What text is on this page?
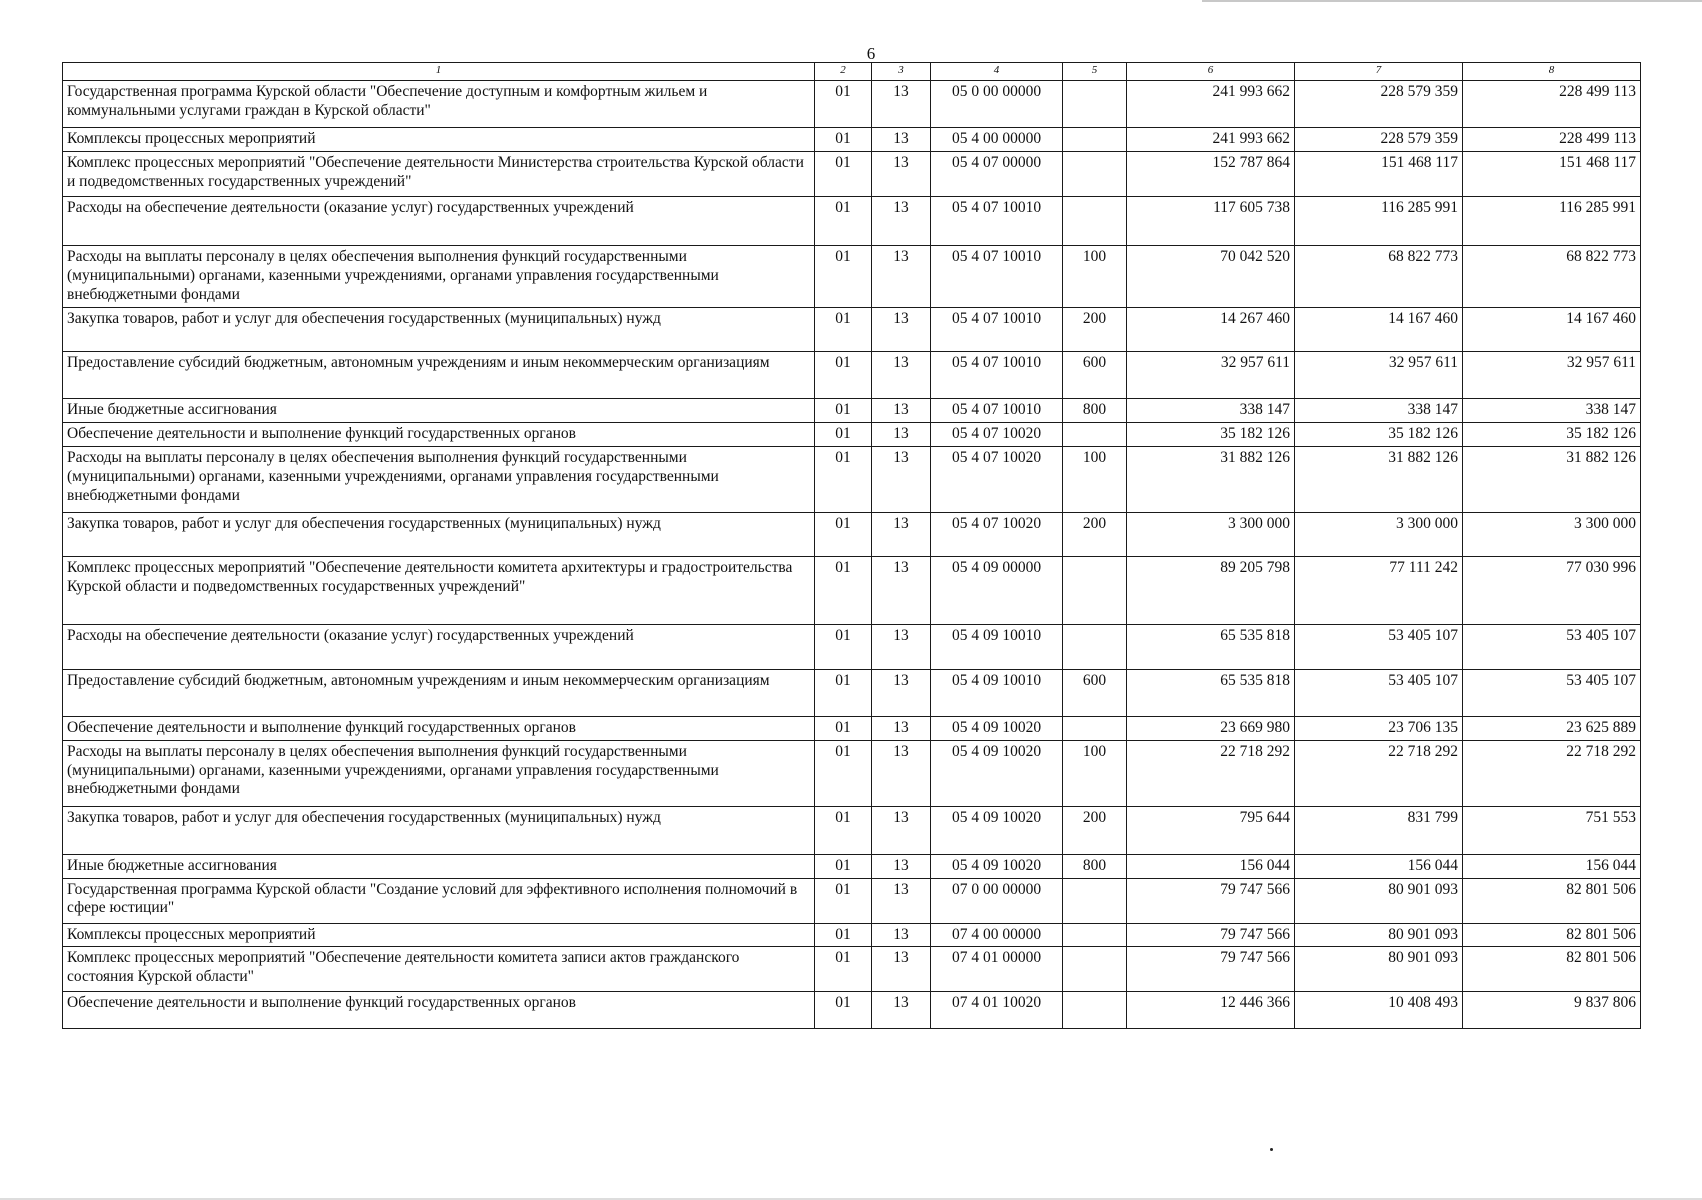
6
1	2	3	4	5	6	7	8
Государственная программа Курской области "Обеспечение доступным и комфортным жильем и коммунальными услугами граждан в Курской области"	01	13	05 0 00 00000		241 993 662	228 579 359	228 499 113
Комплексы процессных мероприятий	01	13	05 4 00 00000		241 993 662	228 579 359	228 499 113
Комплекс процессных мероприятий "Обеспечение деятельности Министерства строительства Курской области и подведомственных государственных учреждений"	01	13	05 4 07 00000		152 787 864	151 468 117	151 468 117
Расходы на обеспечение деятельности (оказание услуг) государственных учреждений	01	13	05 4 07 10010		117 605 738	116 285 991	116 285 991
Расходы на выплаты персоналу в целях обеспечения выполнения функций государственными (муниципальными) органами, казенными учреждениями, органами управления государственными внебюджетными фондами	01	13	05 4 07 10010	100	70 042 520	68 822 773	68 822 773
Закупка товаров, работ и услуг для обеспечения государственных (муниципальных) нужд	01	13	05 4 07 10010	200	14 267 460	14 167 460	14 167 460
Предоставление субсидий бюджетным, автономным учреждениям и иным некоммерческим организациям	01	13	05 4 07 10010	600	32 957 611	32 957 611	32 957 611
Иные бюджетные ассигнования	01	13	05 4 07 10010	800	338 147	338 147	338 147
Обеспечение деятельности и выполнение функций государственных органов	01	13	05 4 07 10020		35 182 126	35 182 126	35 182 126
Расходы на выплаты персоналу в целях обеспечения выполнения функций государственными (муниципальными) органами, казенными учреждениями, органами управления государственными внебюджетными фондами	01	13	05 4 07 10020	100	31 882 126	31 882 126	31 882 126
Закупка товаров, работ и услуг для обеспечения государственных (муниципальных) нужд	01	13	05 4 07 10020	200	3 300 000	3 300 000	3 300 000
Комплекс процессных мероприятий "Обеспечение деятельности комитета архитектуры и градостроительства Курской области и подведомственных государственных учреждений"	01	13	05 4 09 00000		89 205 798	77 111 242	77 030 996
Расходы на обеспечение деятельности (оказание услуг) государственных учреждений	01	13	05 4 09 10010		65 535 818	53 405 107	53 405 107
Предоставление субсидий бюджетным, автономным учреждениям и иным некоммерческим организациям	01	13	05 4 09 10010	600	65 535 818	53 405 107	53 405 107
Обеспечение деятельности и выполнение функций государственных органов	01	13	05 4 09 10020		23 669 980	23 706 135	23 625 889
Расходы на выплаты персоналу в целях обеспечения выполнения функций государственными (муниципальными) органами, казенными учреждениями, органами управления государственными внебюджетными фондами	01	13	05 4 09 10020	100	22 718 292	22 718 292	22 718 292
Закупка товаров, работ и услуг для обеспечения государственных (муниципальных) нужд	01	13	05 4 09 10020	200	795 644	831 799	751 553
Иные бюджетные ассигнования	01	13	05 4 09 10020	800	156 044	156 044	156 044
Государственная программа Курской области "Создание условий для эффективного исполнения полномочий в сфере юстиции"	01	13	07 0 00 00000		79 747 566	80 901 093	82 801 506
Комплексы процессных мероприятий	01	13	07 4 00 00000		79 747 566	80 901 093	82 801 506
Комплекс процессных мероприятий "Обеспечение деятельности комитета записи актов гражданского состояния Курской области"	01	13	07 4 01 00000		79 747 566	80 901 093	82 801 506
Обеспечение деятельности и выполнение функций государственных органов	01	13	07 4 01 10020		12 446 366	10 408 493	9 837 806
